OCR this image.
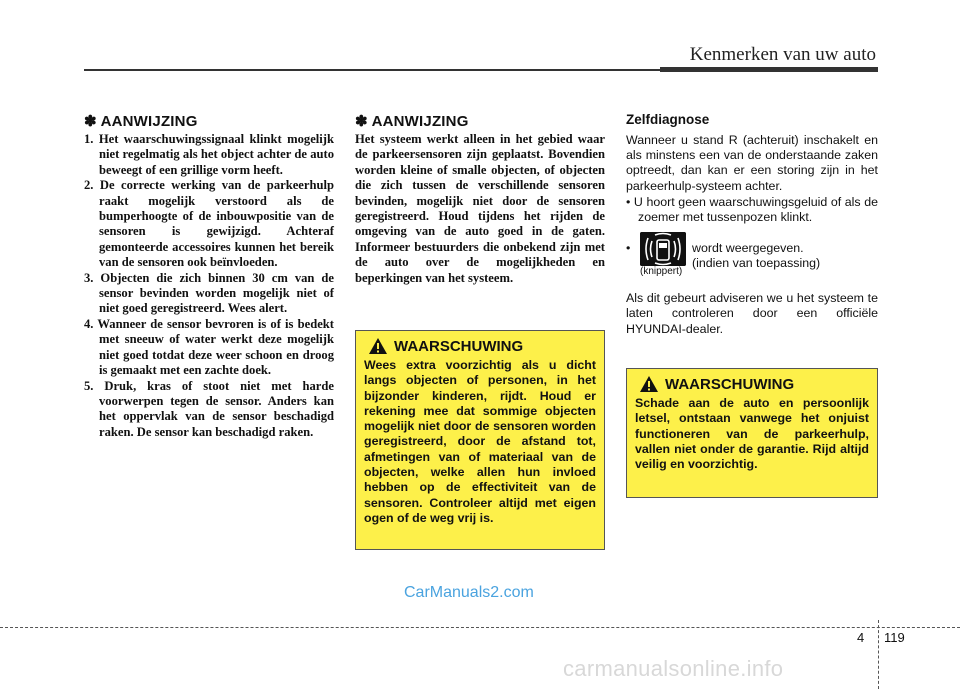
Kenmerken van uw auto
✽ AANWIJZING
1. Het waarschuwingssignaal klinkt mogelijk niet regelmatig als het object achter de auto beweegt of een grillige vorm heeft.
2. De correcte werking van de parkeerhulp raakt mogelijk verstoord als de bumperhoogte of de inbouwpositie van de sensoren is gewijzigd. Achteraf gemonteerde accessoires kunnen het bereik van de sensoren ook beïnvloeden.
3. Objecten die zich binnen 30 cm van de sensor bevinden worden mogelijk niet of niet goed geregistreerd. Wees alert.
4. Wanneer de sensor bevroren is of is bedekt met sneeuw of water werkt deze mogelijk niet goed totdat deze weer schoon en droog is gemaakt met een zachte doek.
5. Druk, kras of stoot niet met harde voorwerpen tegen de sensor. Anders kan het oppervlak van de sensor beschadigd raken. De sensor kan beschadigd raken.
✽ AANWIJZING

Het systeem werkt alleen in het gebied waar de parkeersensoren zijn geplaatst. Bovendien worden kleine of smalle objecten, of objecten die zich tussen de verschillende sensoren bevinden, mogelijk niet door de sensoren geregistreerd. Houd tijdens het rijden de omgeving van de auto goed in de gaten. Informeer bestuurders die onbekend zijn met de auto over de mogelijkheden en beperkingen van het systeem.

WAARSCHUWING

Wees extra voorzichtig als u dicht langs objecten of personen, in het bijzonder kinderen, rijdt. Houd er rekening mee dat sommige objecten mogelijk niet door de sensoren worden geregistreerd, door de afstand tot, afmetingen van of materiaal van de objecten, welke allen hun invloed hebben op de effectiviteit van de sensoren. Controleer altijd met eigen ogen of de weg vrij is.

Zelfdiagnose

Wanneer u stand R (achteruit) inschakelt en als minstens een van de onderstaande zaken optreedt, dan kan er een storing zijn in het parkeerhulp-systeem achter.

• U hoort geen waarschuwingsgeluid of als de zoemer met tussenpozen klinkt.

•
(knippert)
wordt weergegeven.
(indien van toepassing)

Als dit gebeurt adviseren we u het systeem te laten controleren door een officiële HYUNDAI-dealer.

WAARSCHUWING

Schade aan de auto en persoonlijk letsel, ontstaan vanwege het onjuist functioneren van de parkeerhulp, vallen niet onder de garantie. Rijd altijd veilig en voorzichtig.

CarManuals2.com
4 119
carmanualsonline.info
